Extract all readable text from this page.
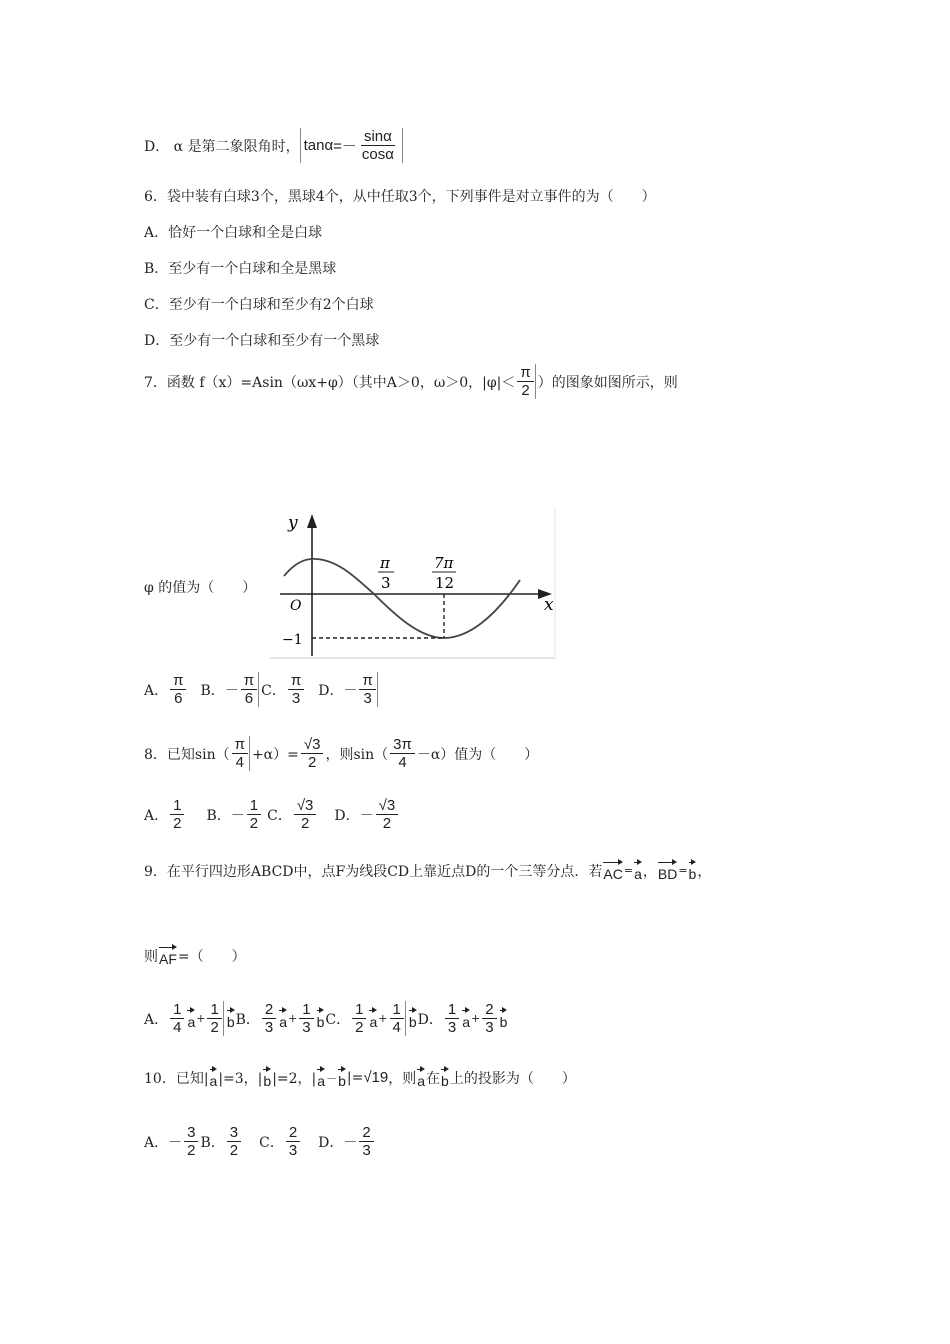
D． α 是第二象限角时， $\tan\alpha =- \frac{\sin\alpha}{\cos\alpha}$
6．袋中装有白球3个，黑球4个，从中任取3个，下列事件是对立事件的为（　　）
A．恰好一个白球和全是白球
B．至少有一个白球和全是黑球
C．至少有一个白球和至少有2个白球
D．至少有一个白球和至少有一个黑球
7．函数 f（x）=Asin（ωx+φ）（其中A＞0，ω＞0，$|\varphi|< \frac{\pi}{2}$ ）的图象如图所示，则
y
x
O
π
3
7π
12
−1
φ 的值为（　　）
A． $\frac{\pi}{6}$ B．－ $\frac{\pi}{6}$ C． $\frac{\pi}{3}$ D．－ $\frac{\pi}{3}$
8．已知$\sin( \frac{\pi}{4} +\alpha)= \frac{√3}{2}$ ，则$\sin( \frac{3\pi}{4} -\alpha)$值为（　　）
A． $\frac{1}{2}$ B．－ $\frac{1}{2}$ C． $\frac{√3}{2}$ D．－ $\frac{√3}{2}$
9．在平行四边形ABCD中，点F为线段CD上靠近点D的一个三等分点．若 AC = a ， BD = b ，
则 AF =（　　）
A． $\frac{1}{4}$ $a + \frac{1}{2}$ b B． $\frac{2}{3}$ $a + \frac{1}{3}$ b C． $\frac{1}{2}$ $a + \frac{1}{4}$ b D． $\frac{1}{3}$ $a + \frac{2}{3}$ b
10．已知| a |=3，| b |=2，| a － b |= √19 ，则 a 在 b 上的投影为（　　）
A．－ $\frac{3}{2}$ B． $\frac{3}{2}$ C． $\frac{2}{3}$ D．－ $\frac{2}{3}$
